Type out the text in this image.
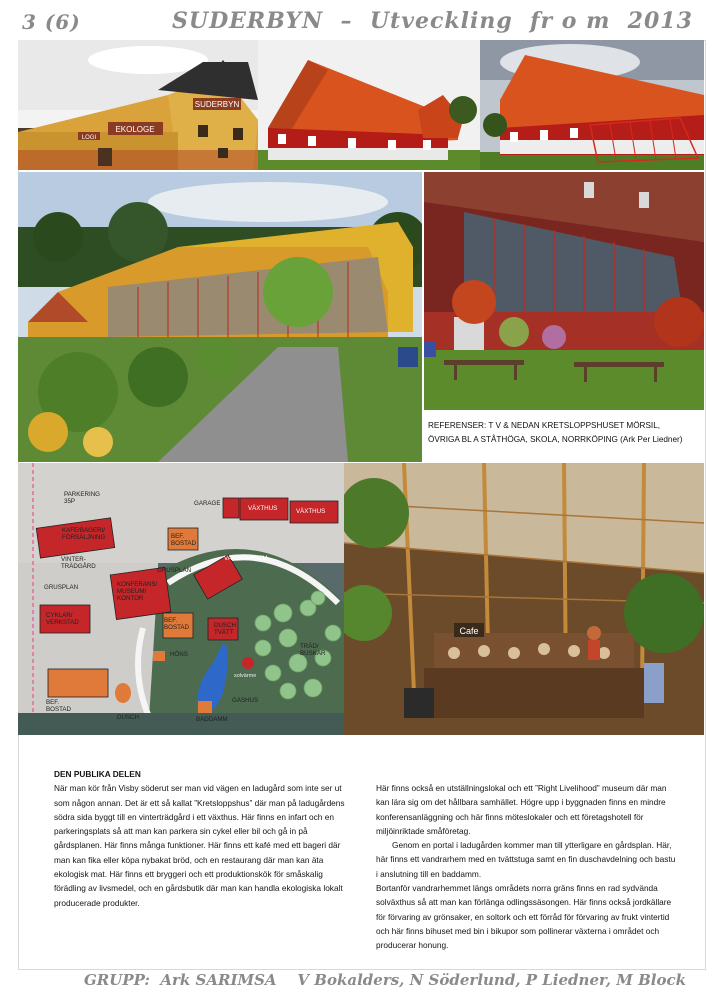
3 (6)	SUDERBYN  –  Utveckling  fr o m  2013
EKOLOGE
SUDERBYN
LOGI
REFERENSER: T V & NEDAN KRETSLOPPSHUSET MÖRSIL,
ÖVRIGA BL A STÅTHÖGA, SKOLA, NORRKÖPING (Ark Per Liedner)
PARKERING 35P	GARAGE
VÄXTHUS	VÄXTHUS
KAFE/BAGERI/ FÖRSÄLJNING	BEF. BOSTAD
VINTER- TRÄDGÅRD
GRUSPLAN
GRUSPLAN
KONFERANS/ MUSEUM/ KONTOR
VANDRARHEM
CYKLAR/ VERKSTAD	BEF. BOSTAD	DUSCH TVÄTT
TRÄD/ BUSKAR
HÖNS
solvärme
GASHUS
BEF. BOSTAD
DUSCH	BADDAMM
Cafe

DEN PUBLIKA DELEN

När man kör från Visby söderut ser man vid vägen en ladugård som inte ser ut som någon annan. Det är ett så kallat ”Kretsloppshus” där man på ladugårdens södra sida byggt till en vinterträdgård i ett växthus. Här finns en infart och en parkeringsplats så att man kan parkera sin cykel eller bil och gå in på gårdsplanen. Här finns många funktioner. Här finns ett kafé med ett bageri där man kan fika eller köpa nybakat bröd, och en restaurang där man kan äta ekologisk mat. Här finns ett bryggeri och ett produktionskök för småskalig förädling av livsmedel, och en gårdsbutik där man kan handla ekologiska lokalt producerade produkter.

Här finns också en utställningslokal och ett ”Right Livelihood” museum där man kan lära sig om det hållbara samhället. Högre upp i byggnaden finns en mindre konferensanläggning och här finns möteslokaler och ett företagshotell för miljöinriktade småföretag.

Genom en portal i ladugården kommer man till ytterligare en gårdsplan. Här, här finns ett vandrarhem med en tvättstuga samt en fin duschavdelning och bastu i anslutning till en baddamm.

Bortanför vandrarhemmet längs områdets norra gräns finns en rad sydvända solväxthus så att man kan förlänga odlingssäsongen. Här finns också jordkällare för förvaring av grönsaker, en soltork och ett förråd för förvaring av frukt vintertid och här finns bihuset med bin i bikupor som pollinerar växterna i området och producerar honung.

GRUPP:  Ark SARIMSA    V Bokalders, N Söderlund, P Liedner, M Block
